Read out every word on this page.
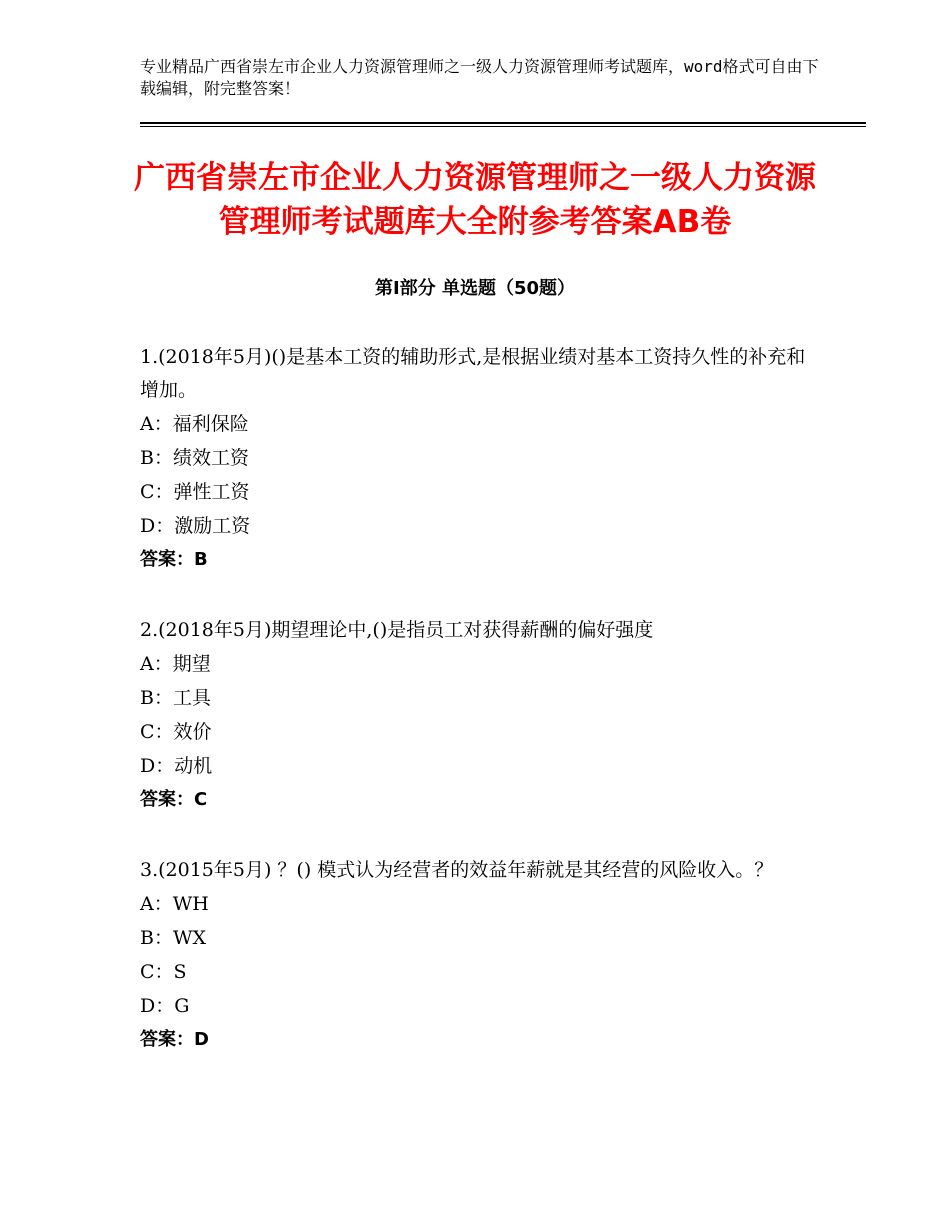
专业精品广西省崇左市企业人力资源管理师之一级人力资源管理师考试题库，word格式可自由下载编辑，附完整答案！
广西省崇左市企业人力资源管理师之一级人力资源管理师考试题库大全附参考答案AB卷
第Ⅰ部分 单选题（50题）
1.(2018年5月)()是基本工资的辅助形式,是根据业绩对基本工资持久性的补充和增加。
A：福利保险
B：绩效工资
C：弹性工资
D：激励工资
答案：B
2.(2018年5月)期望理论中,()是指员工对获得薪酬的偏好强度
A：期望
B：工具
C：效价
D：动机
答案：C
3.(2015年5月) ？() 模式认为经营者的效益年薪就是其经营的风险收入。？
A：WH
B：WX
C：S
D：G
答案：D
